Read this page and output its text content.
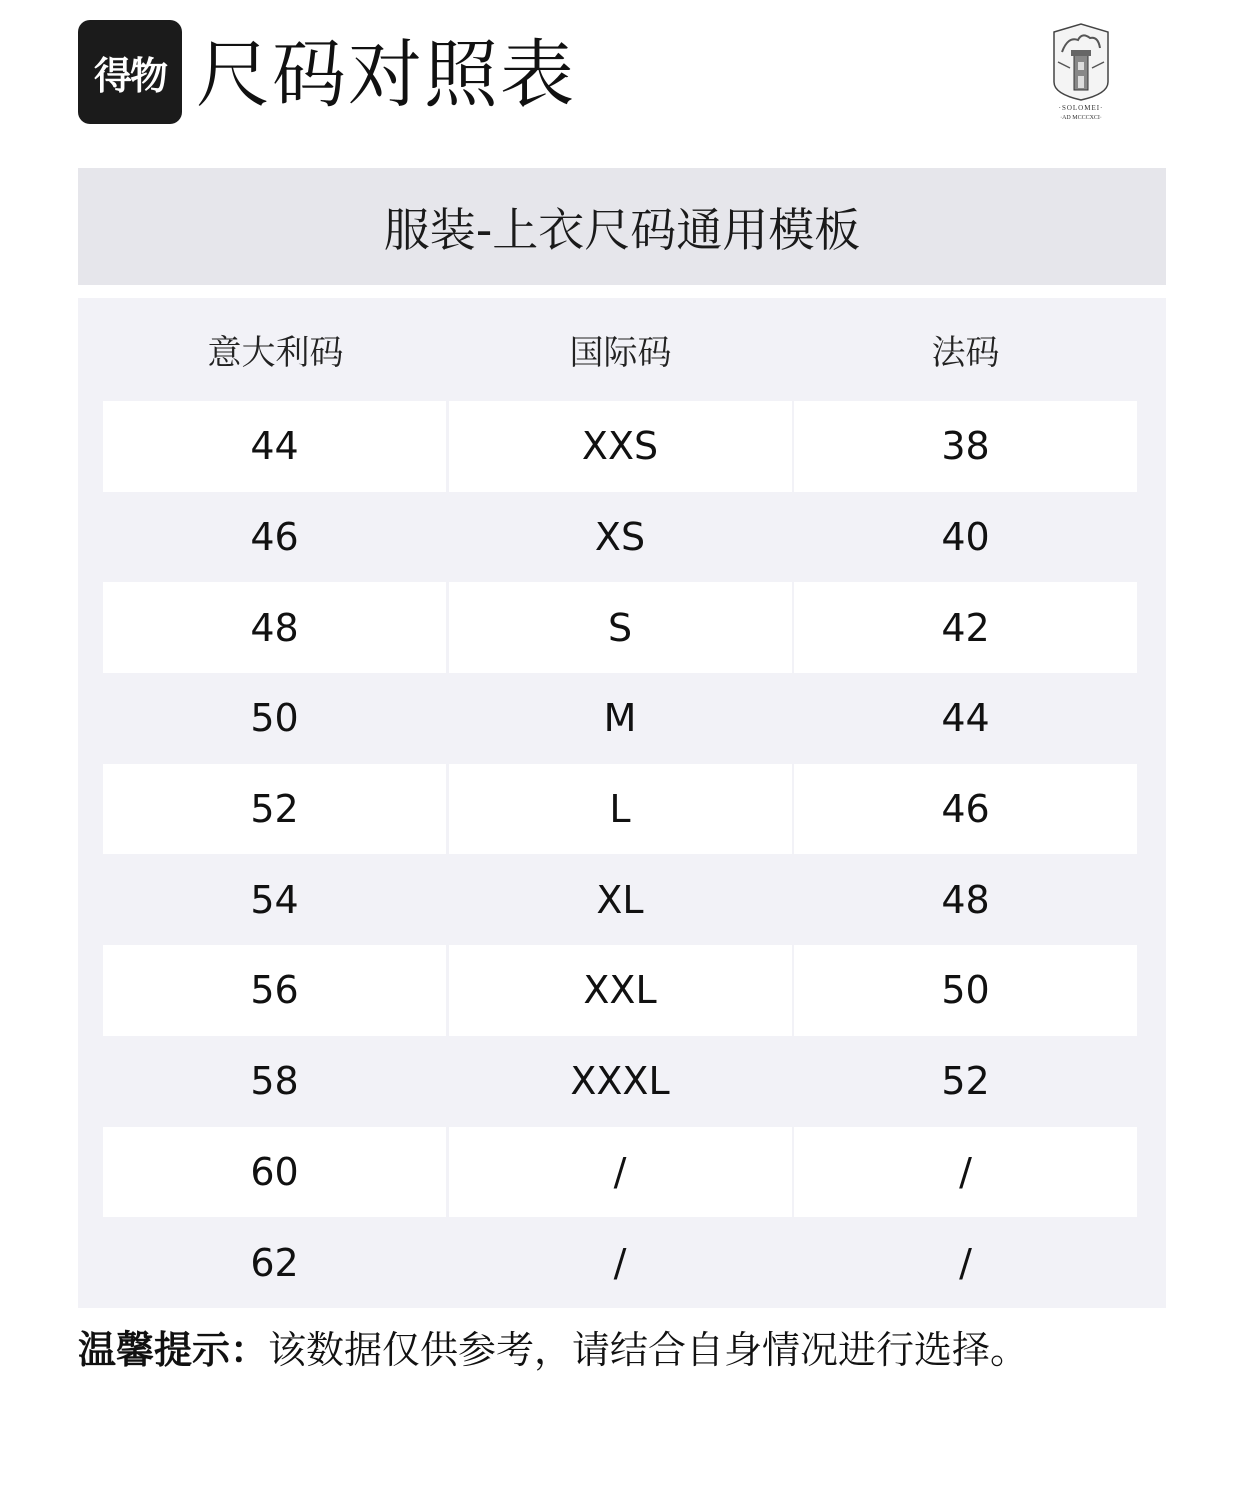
得物 尺码对照表	·SOLOMEI·
·AD MCCCXCI·
服装-上衣尺码通用模板
意大利码	国际码	法码
44	XXS	38
46	XS	40
48	S	42
50	M	44
52	L	46
54	XL	48
56	XXL	50
58	XXXL	52
60	/	/
62	/	/
温馨提示：该数据仅供参考，请结合自身情况进行选择。
